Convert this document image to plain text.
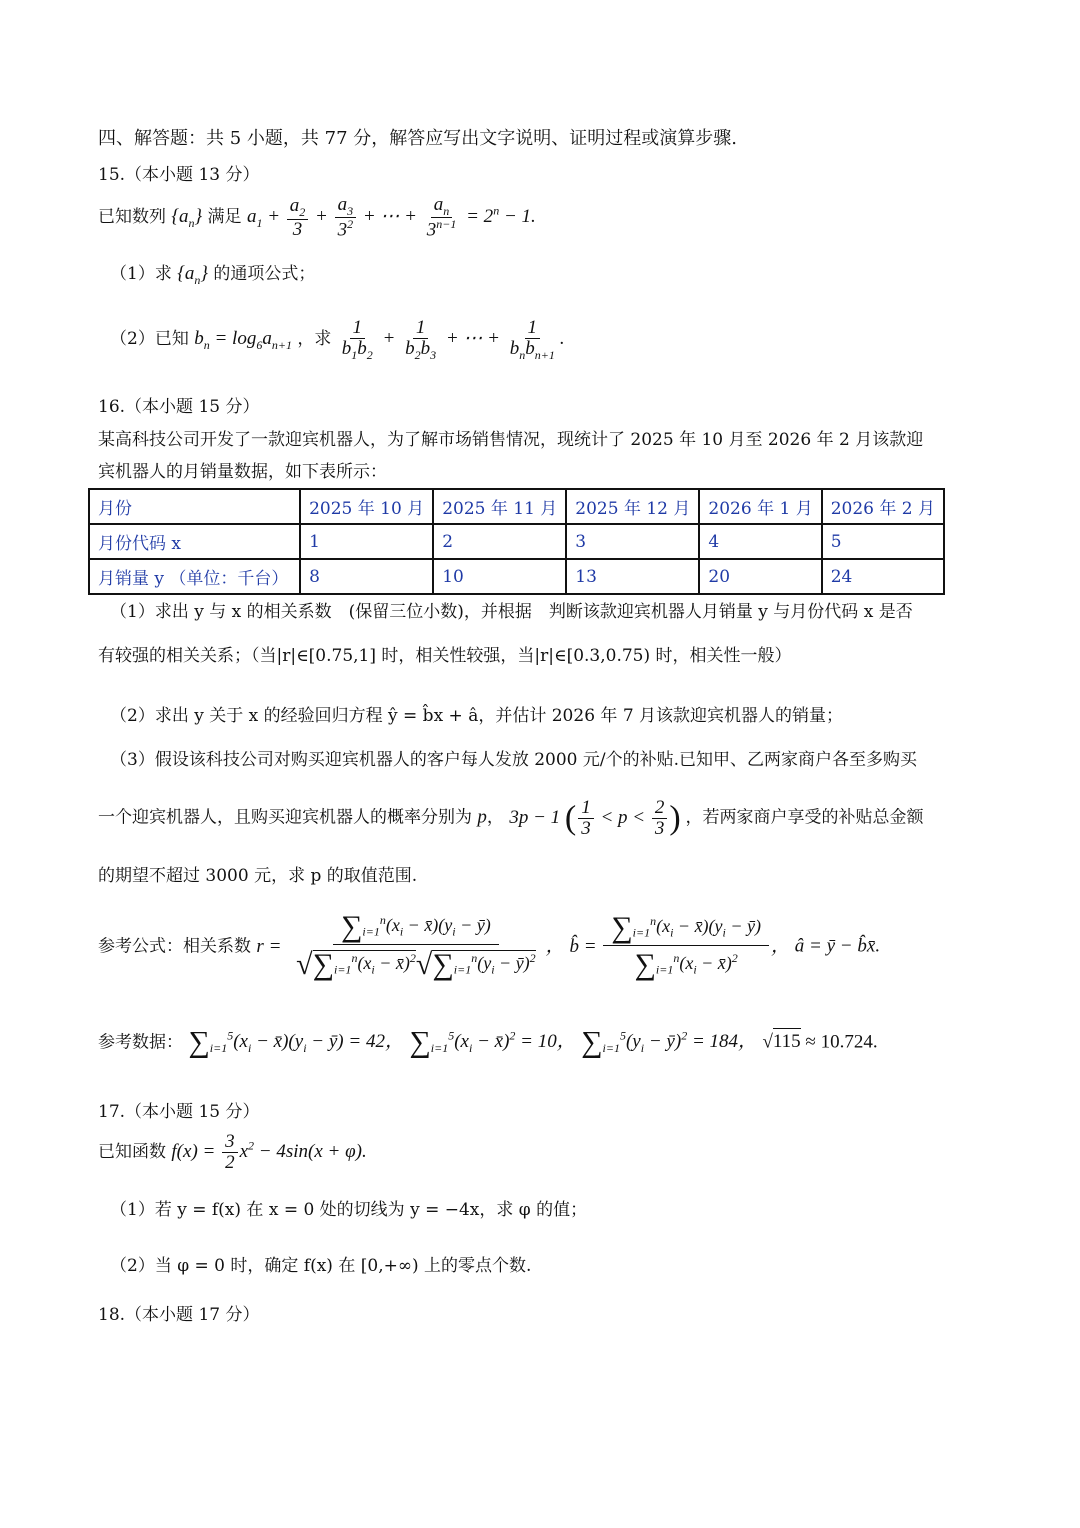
四、解答题：共 5 小题，共 77 分，解答应写出文字说明、证明过程或演算步骤.
15.（本小题 13 分）
已知数列 $\{a_n\}$ 满足 $a_1 + \frac{a_2}{3} + \frac{a_3}{3^2}$ + ⋯ + $\frac{a_n}{3^{n-1}} = 2^n - 1$.
（1）求 $\{a_n\}$ 的通项公式；
（2）已知 $b_n = \log_6a_{n+1}$ ，求 $\frac{1}{b_1b_2} + \frac{1}{b_2b_3}$ + ⋯ + $\frac{1}{b_nb_{n+1}}$ .
16.（本小题 15 分）
某高科技公司开发了一款迎宾机器人，为了解市场销售情况，现统计了 2025 年 10 月至 2026 年 2 月该款迎
宾机器人的月销量数据，如下表所示：
月份	2025 年 10 月	2025 年 11 月	2025 年 12 月	2026 年 1 月	2026 年 2 月
月份代码 x	1	2	3	4	5
月销量 y （单位：千台）	8	10	13	20	24
（1）求出 y 与 x 的相关系数　(保留三位小数)，并根据　判断该款迎宾机器人月销量 y 与月份代码 x 是否
有较强的相关关系；（当|r|∈[0.75,1] 时，相关性较强，当|r|∈[0.3,0.75) 时，相关性一般）
（2）求出 y 关于 x 的经验回归方程 ŷ = b̂x + â，并估计 2026 年 7 月该款迎宾机器人的销量；
（3）假设该科技公司对购买迎宾机器人的客户每人发放 2000 元/个的补贴.已知甲、乙两家商户各至多购买
一个迎宾机器人，且购买迎宾机器人的概率分别为 p， 3p − 1 ( $\frac{1}{3} < p < \frac{2}{3}$ ) ，若两家商户享受的补贴总金额
的期望不超过 3000 元，求 p 的取值范围.
参考公式：相关系数 $r = \frac{\sum_{i=1}^n(x_i - x̄)(y_i - ȳ)}{√\sum_{i=1}^n(x_i - x̄)^2√\sum_{i=1}^n(y_i - ȳ)^2}$ ， b̂ = $\frac{\sum_{i=1}^n(x_i - x̄)(y_i - ȳ)}{\sum_{i=1}^n(x_i - x̄)^2}$ ， â = ȳ − b̂x̄.
参考数据： $\sum_{i=1}^5(x_i$ − $x̄)(y_i$ − ȳ) = 42， $\sum_{i=1}^5(x_i$ − x̄)$^2$ = 10， $\sum_{i=1}^5(y_i$ − ȳ)$^2$ = 184， √115 ≈ 10.724.
17.（本小题 15 分）
已知函数 $f(x) = \frac{3}{2} x^2 - 4\sin(x + \varphi)$.
（1）若 y = f(x) 在 x = 0 处的切线为 y = −4x，求 φ 的值；
（2）当 φ = 0 时，确定 f(x) 在 [0,+∞) 上的零点个数.
18.（本小题 17 分）
